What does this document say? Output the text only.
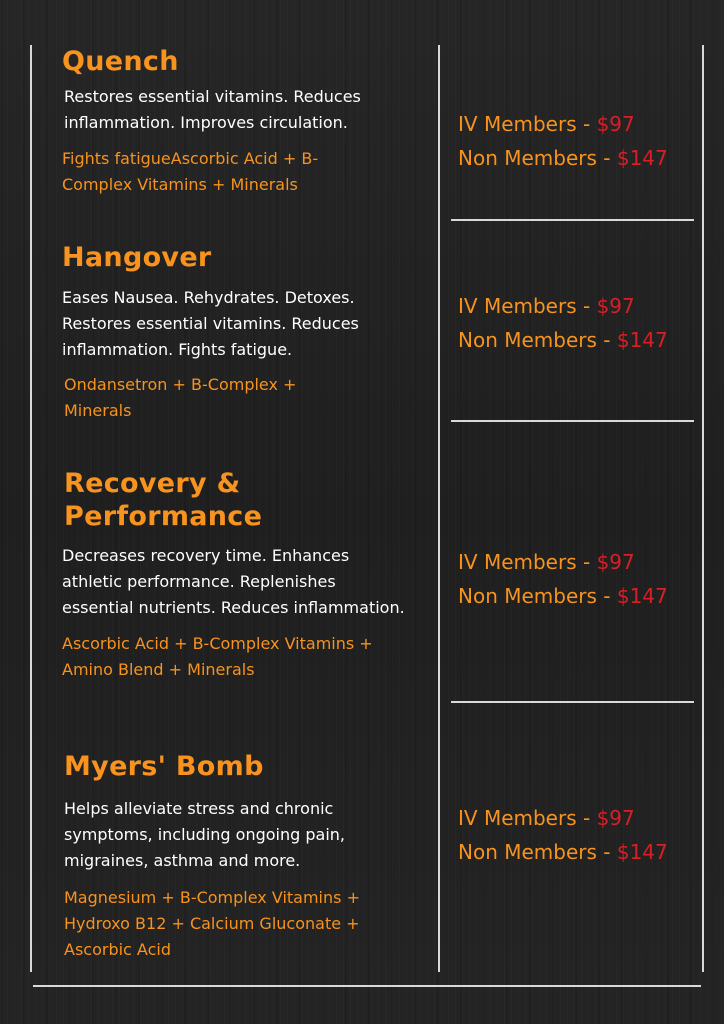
Quench

Restores essential vitamins. Reduces inflammation. Improves circulation.

Fights fatigueAscorbic Acid + B-Complex Vitamins + Minerals

IV Members - $97
Non Members - $147
Hangover

Eases Nausea. Rehydrates. Detoxes. Restores essential vitamins. Reduces inflammation. Fights fatigue.

Ondansetron + B-Complex + Minerals

IV Members - $97
Non Members - $147
Recovery & Performance

Decreases recovery time. Enhances athletic performance. Replenishes essential nutrients. Reduces inflammation.

Ascorbic Acid + B-Complex Vitamins + Amino Blend + Minerals

IV Members - $97
Non Members - $147
Myers' Bomb

Helps alleviate stress and chronic symptoms, including ongoing pain, migraines, asthma and more.

Magnesium + B-Complex Vitamins + Hydroxo B12 + Calcium Gluconate + Ascorbic Acid

IV Members - $97
Non Members - $147
